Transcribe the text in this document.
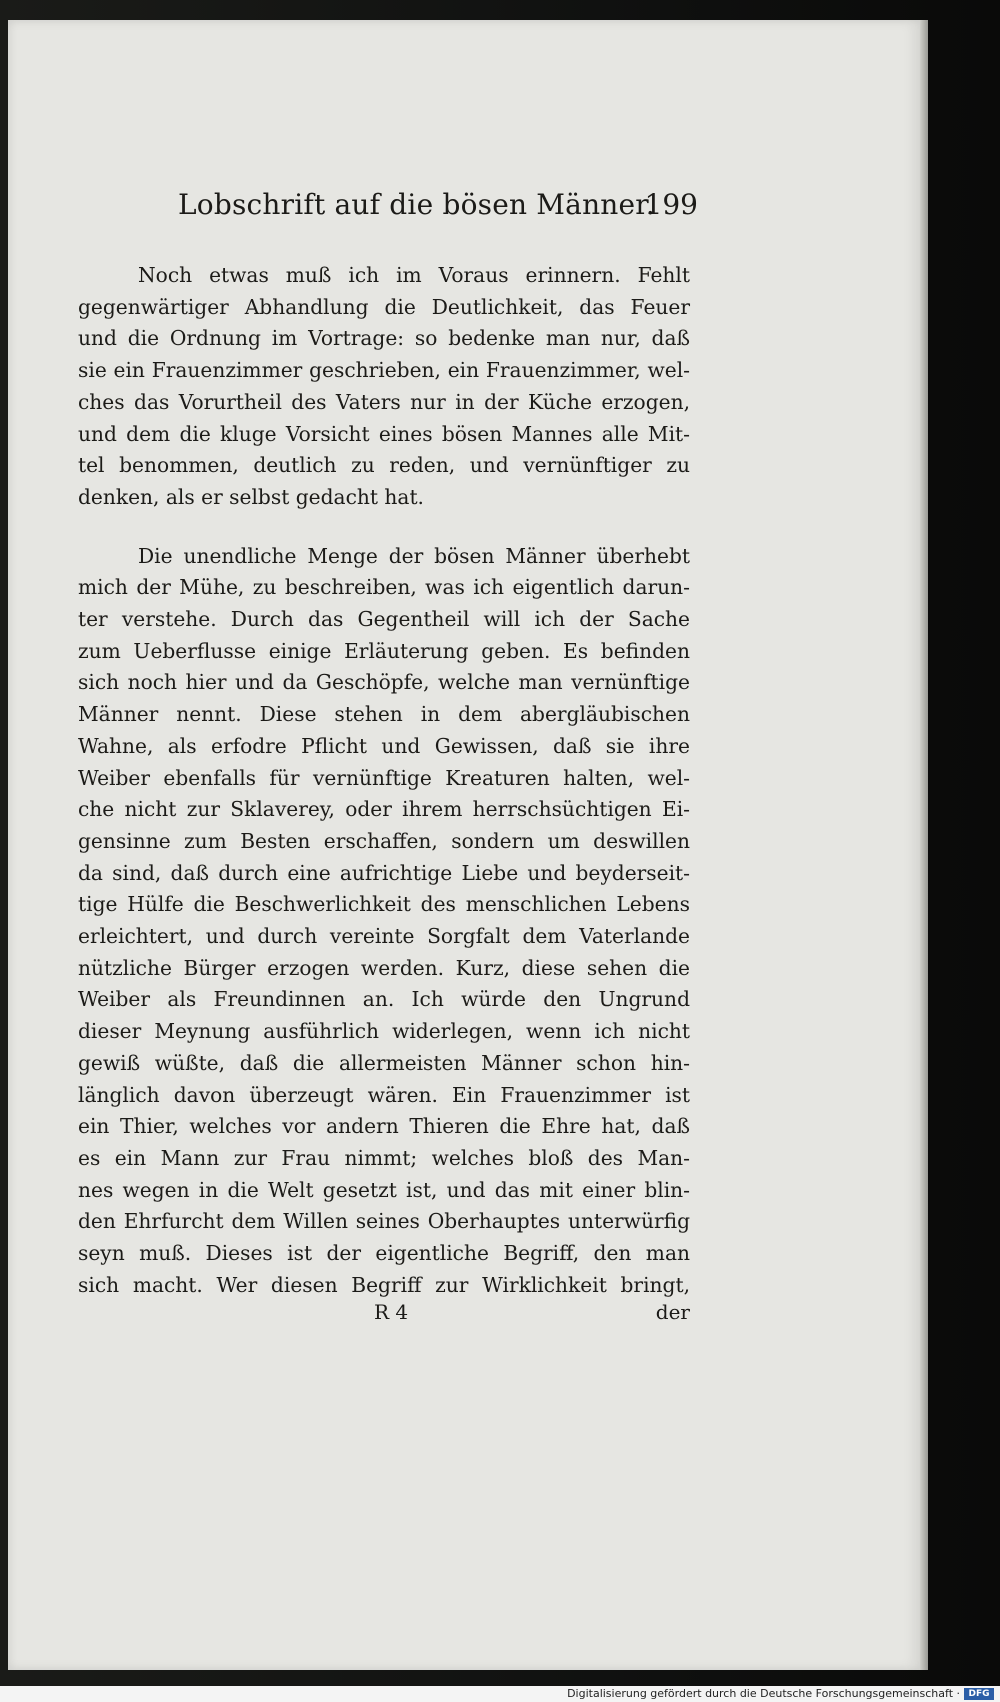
Lobschrift auf die bösen Männer.
199

Noch etwas muß ich im Voraus erinnern. Fehlt
gegenwärtiger Abhandlung die Deutlichkeit, das Feuer
und die Ordnung im Vortrage: so bedenke man nur, daß
sie ein Frauenzimmer geschrieben, ein Frauenzimmer, wel-
ches das Vorurtheil des Vaters nur in der Küche erzogen,
und dem die kluge Vorsicht eines bösen Mannes alle Mit-
tel benommen, deutlich zu reden, und vernünftiger zu
denken, als er selbst gedacht hat.

Die unendliche Menge der bösen Männer überhebt
mich der Mühe, zu beschreiben, was ich eigentlich darun-
ter verstehe. Durch das Gegentheil will ich der Sache
zum Ueberflusse einige Erläuterung geben. Es befinden
sich noch hier und da Geschöpfe, welche man vernünftige
Männer nennt. Diese stehen in dem abergläubischen
Wahne, als erfodre Pflicht und Gewissen, daß sie ihre
Weiber ebenfalls für vernünftige Kreaturen halten, wel-
che nicht zur Sklaverey, oder ihrem herrschsüchtigen Ei-
gensinne zum Besten erschaffen, sondern um deswillen
da sind, daß durch eine aufrichtige Liebe und beyderseit-
tige Hülfe die Beschwerlichkeit des menschlichen Lebens
erleichtert, und durch vereinte Sorgfalt dem Vaterlande
nützliche Bürger erzogen werden. Kurz, diese sehen die
Weiber als Freundinnen an. Ich würde den Ungrund
dieser Meynung ausführlich widerlegen, wenn ich nicht
gewiß wüßte, daß die allermeisten Männer schon hin-
länglich davon überzeugt wären. Ein Frauenzimmer ist
ein Thier, welches vor andern Thieren die Ehre hat, daß
es ein Mann zur Frau nimmt; welches bloß des Man-
nes wegen in die Welt gesetzt ist, und das mit einer blin-
den Ehrfurcht dem Willen seines Oberhauptes unterwürfig
seyn muß. Dieses ist der eigentliche Begriff, den man
sich macht. Wer diesen Begriff zur Wirklichkeit bringt,

R 4	der
Digitalisierung gefördert durch die Deutsche Forschungsgemeinschaft · DFG
